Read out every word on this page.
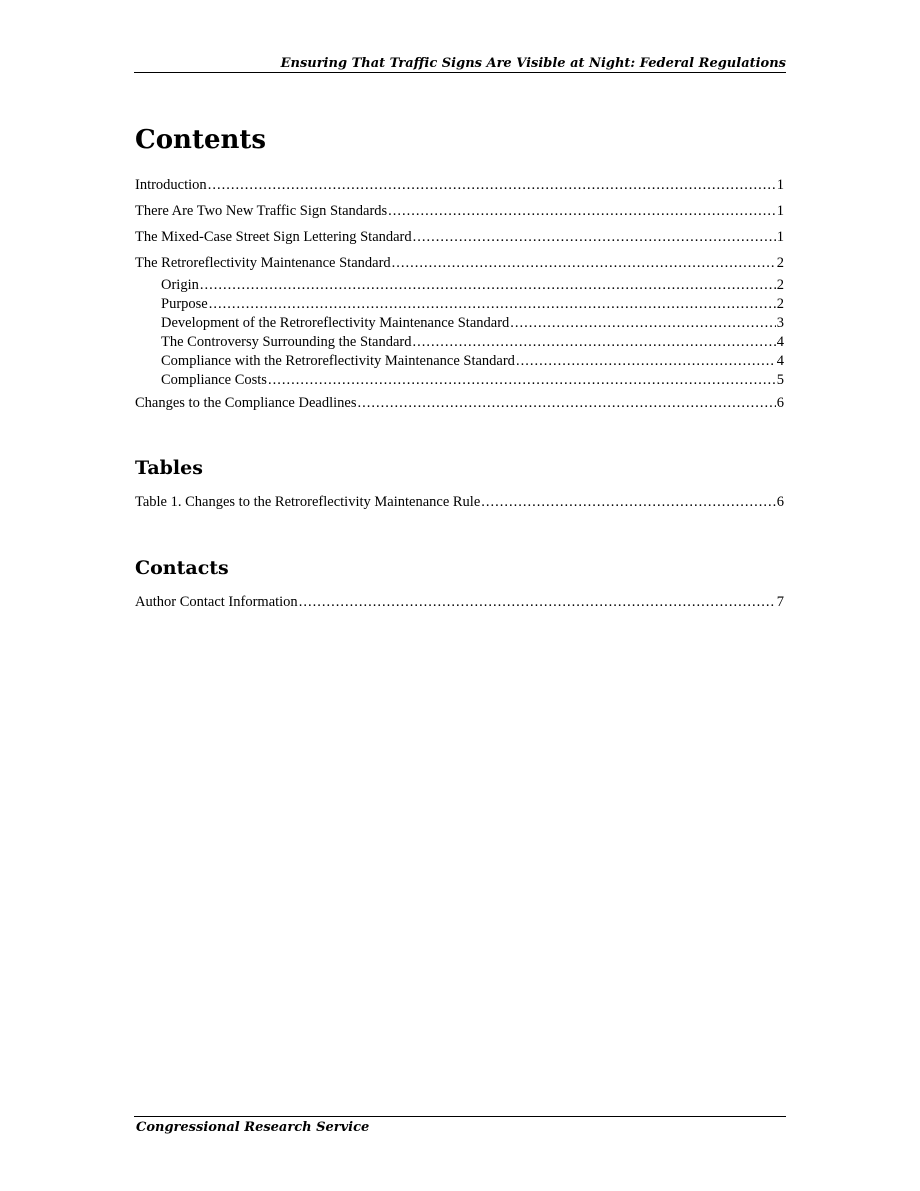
Ensuring That Traffic Signs Are Visible at Night: Federal Regulations
Contents
Introduction .....	1
There Are Two New Traffic Sign Standards .....	1
The Mixed-Case Street Sign Lettering Standard .....	1
The Retroreflectivity Maintenance Standard .....	2
Origin .....	2
Purpose .....	2
Development of the Retroreflectivity Maintenance Standard .....	3
The Controversy Surrounding the Standard .....	4
Compliance with the Retroreflectivity Maintenance Standard .....	4
Compliance Costs .....	5
Changes to the Compliance Deadlines .....	6
Tables
Table 1. Changes to the Retroreflectivity Maintenance Rule .....	6
Contacts
Author Contact Information .....	7
Congressional Research Service
